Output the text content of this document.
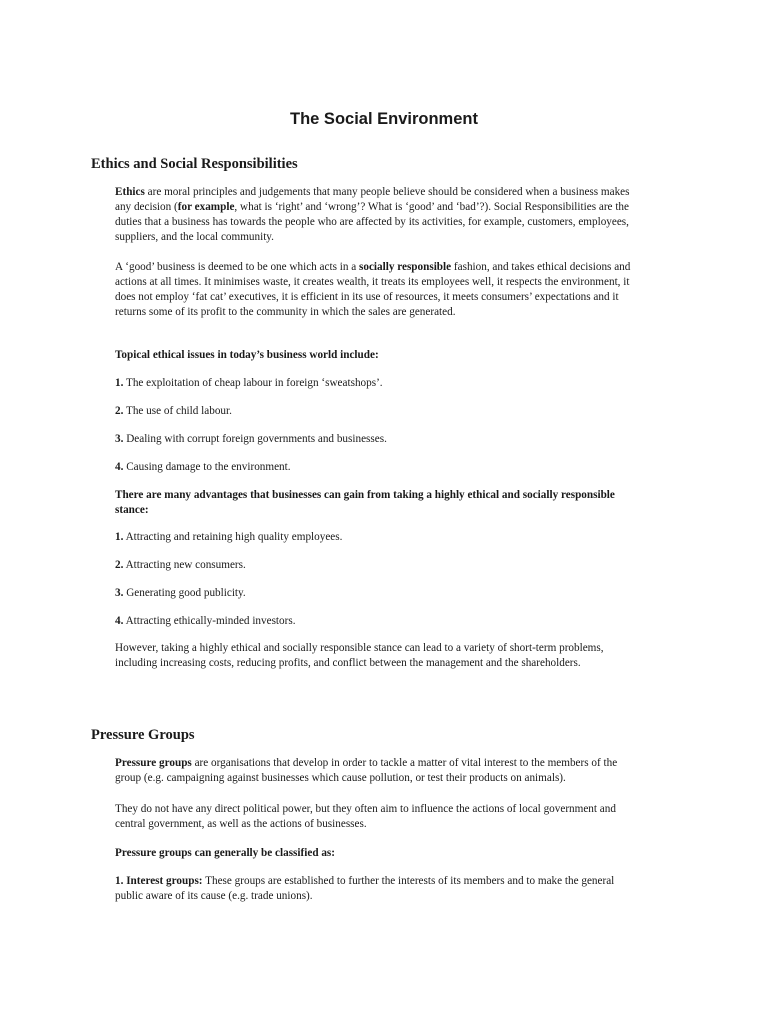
The Social Environment
Ethics and Social Responsibilities

Ethics are moral principles and judgements that many people believe should be considered when a business makes any decision (for example, what is ‘right’ and ‘wrong’? What is ‘good’ and ‘bad’?). Social Responsibilities are the duties that a business has towards the people who are affected by its activities, for example, customers, employees, suppliers, and the local community.

A ‘good’ business is deemed to be one which acts in a socially responsible fashion, and takes ethical decisions and actions at all times. It minimises waste, it creates wealth, it treats its employees well, it respects the environment, it does not employ ‘fat cat’ executives, it is efficient in its use of resources, it meets consumers’ expectations and it returns some of its profit to the community in which the sales are generated.

Topical ethical issues in today’s business world include:

1. The exploitation of cheap labour in foreign ‘sweatshops’.

2. The use of child labour.

3. Dealing with corrupt foreign governments and businesses.

4. Causing damage to the environment.

There are many advantages that businesses can gain from taking a highly ethical and socially responsible stance:

1. Attracting and retaining high quality employees.

2. Attracting new consumers.

3. Generating good publicity.

4. Attracting ethically-minded investors.

However, taking a highly ethical and socially responsible stance can lead to a variety of short-term problems, including increasing costs, reducing profits, and conflict between the management and the shareholders.

Pressure Groups

Pressure groups are organisations that develop in order to tackle a matter of vital interest to the members of the group (e.g. campaigning against businesses which cause pollution, or test their products on animals).

They do not have any direct political power, but they often aim to influence the actions of local government and central government, as well as the actions of businesses.

Pressure groups can generally be classified as:

1. Interest groups: These groups are established to further the interests of its members and to make the general public aware of its cause (e.g. trade unions).
